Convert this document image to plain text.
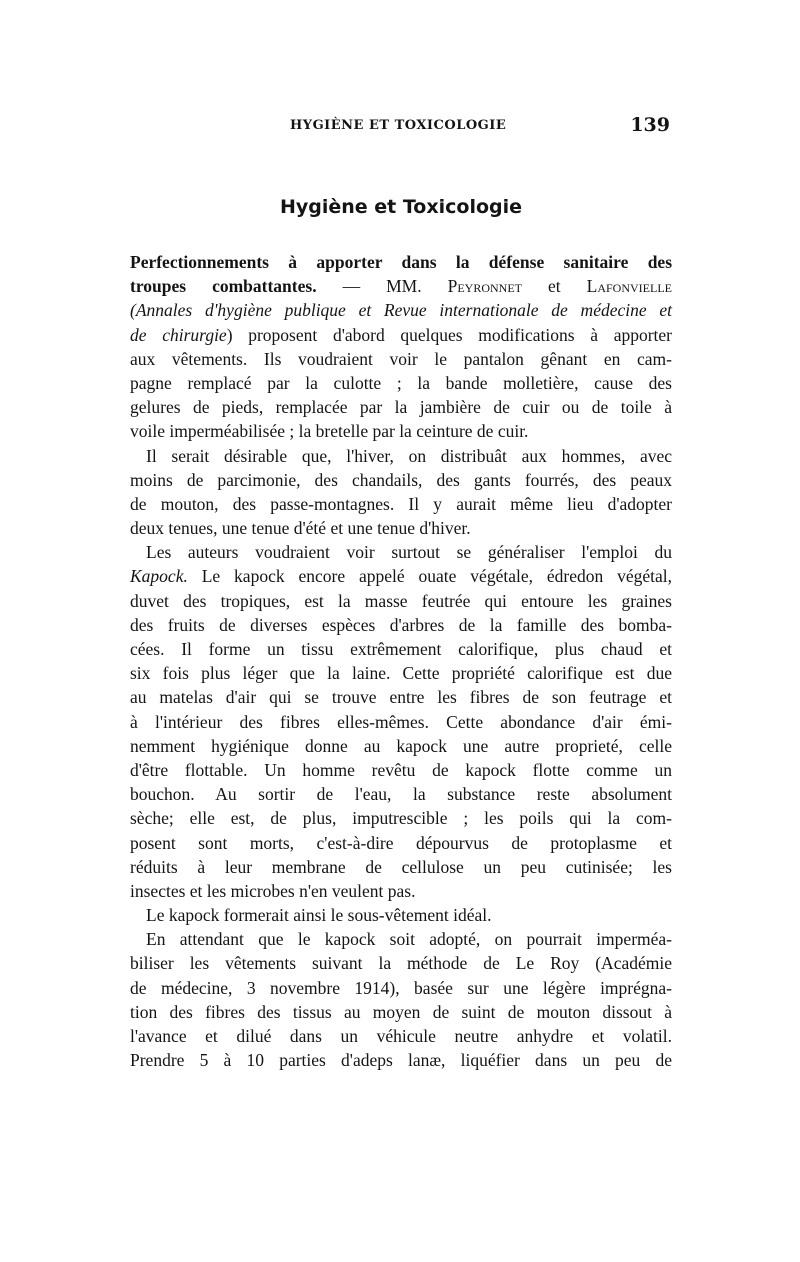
HYGIÈNE ET TOXICOLOGIE	139
Hygiène et Toxicologie
Perfectionnements à apporter dans la défense sanitaire des
troupes combattantes. — MM. Peyronnet et Lafonvielle
(Annales d'hygiène publique et Revue internationale de médecine et
de chirurgie) proposent d'abord quelques modifications à apporter
aux vêtements. Ils voudraient voir le pantalon gênant en cam-
pagne remplacé par la culotte ; la bande molletière, cause des
gelures de pieds, remplacée par la jambière de cuir ou de toile à
voile imperméabilisée ; la bretelle par la ceinture de cuir.
Il serait désirable que, l'hiver, on distribuât aux hommes, avec
moins de parcimonie, des chandails, des gants fourrés, des peaux
de mouton, des passe-montagnes. Il y aurait même lieu d'adopter
deux tenues, une tenue d'été et une tenue d'hiver.
Les auteurs voudraient voir surtout se généraliser l'emploi du
Kapock. Le kapock encore appelé ouate végétale, édredon végétal,
duvet des tropiques, est la masse feutrée qui entoure les graines
des fruits de diverses espèces d'arbres de la famille des bomba-
cées. Il forme un tissu extrêmement calorifique, plus chaud et
six fois plus léger que la laine. Cette propriété calorifique est due
au matelas d'air qui se trouve entre les fibres de son feutrage et
à l'intérieur des fibres elles-mêmes. Cette abondance d'air émi-
nemment hygiénique donne au kapock une autre proprieté, celle
d'être flottable. Un homme revêtu de kapock flotte comme un
bouchon. Au sortir de l'eau, la substance reste absolument
sèche; elle est, de plus, imputrescible ; les poils qui la com-
posent sont morts, c'est-à-dire dépourvus de protoplasme et
réduits à leur membrane de cellulose un peu cutinisée; les
insectes et les microbes n'en veulent pas.
Le kapock formerait ainsi le sous-vêtement idéal.
En attendant que le kapock soit adopté, on pourrait imperméa-
biliser les vêtements suivant la méthode de Le Roy (Académie
de médecine, 3 novembre 1914), basée sur une légère imprégna-
tion des fibres des tissus au moyen de suint de mouton dissout à
l'avance et dilué dans un véhicule neutre anhydre et volatil.
Prendre 5 à 10 parties d'adeps lanæ, liquéfier dans un peu de
